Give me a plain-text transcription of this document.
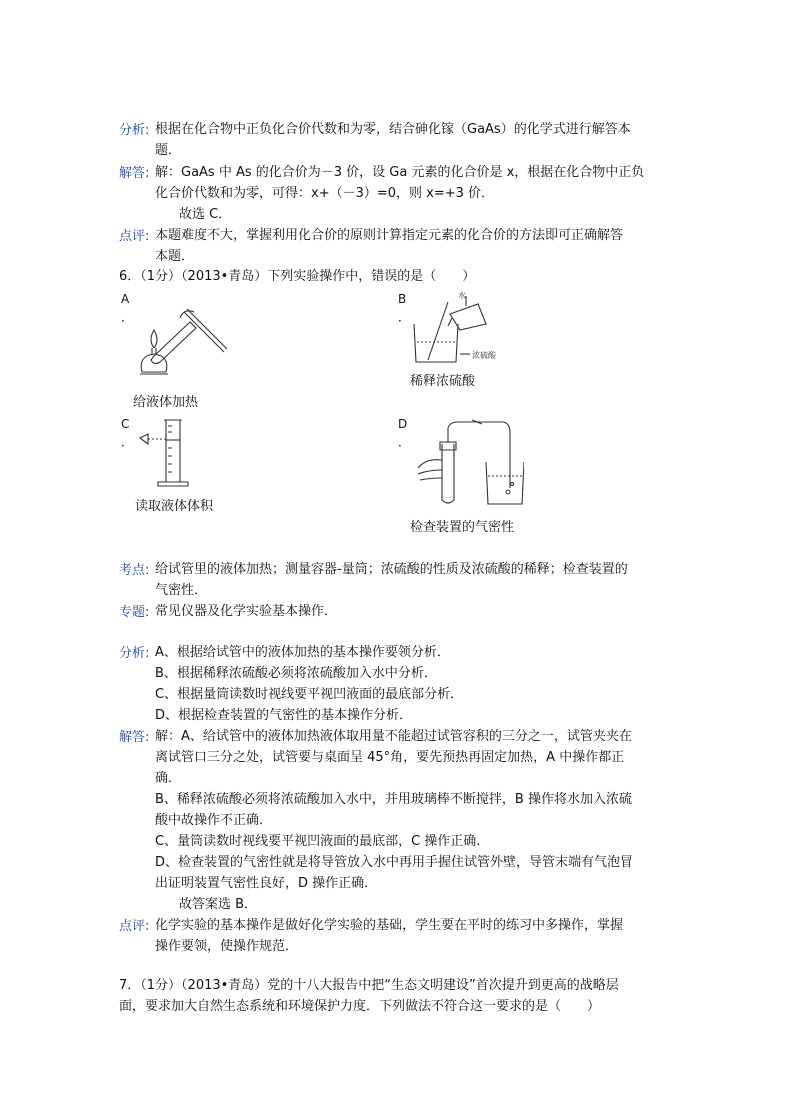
分析: 根据在化合物中正负化合价代数和为零，结合砷化镓（GaAs）的化学式进行解答本
题．
解答: 解：GaAs 中 As 的化合价为－3 价，设 Ga 元素的化合价是 x，根据在化合物中正负
化合价代数和为零，可得：x+（－3）=0，则 x=+3 价．
故选 C．
点评: 本题难度不大，掌握利用化合价的原则计算指定元素的化合价的方法即可正确解答
本题．
6．（1分）（2013•青岛）下列实验操作中，错误的是（　　）
A
．
给液体加热
B
．
水
浓硫酸
稀释浓硫酸
C
．
读取液体体积
D
．
检查装置的气密性
考点: 给试管里的液体加热；测量容器-量筒；浓硫酸的性质及浓硫酸的稀释；检查装置的
气密性．
专题: 常见仪器及化学实验基本操作．
分析: A、根据给试管中的液体加热的基本操作要领分析．
B、根据稀释浓硫酸必须将浓硫酸加入水中分析．
C、根据量筒读数时视线要平视凹液面的最底部分析．
D、根据检查装置的气密性的基本操作分析．
解答: 解：A、给试管中的液体加热液体取用量不能超过试管容积的三分之一，试管夹夹在
离试管口三分之处，试管要与桌面呈 45°角，要先预热再固定加热，A 中操作都正
确．
B、稀释浓硫酸必须将浓硫酸加入水中，并用玻璃棒不断搅拌，B 操作将水加入浓硫
酸中故操作不正确．
C、量筒读数时视线要平视凹液面的最底部，C 操作正确．
D、检查装置的气密性就是将导管放入水中再用手握住试管外壁，导管末端有气泡冒
出证明装置气密性良好，D 操作正确．
故答案选 B．
点评: 化学实验的基本操作是做好化学实验的基础，学生要在平时的练习中多操作，掌握
操作要领，使操作规范．
7．（1分）（2013•青岛）党的十八大报告中把“生态文明建设”首次提升到更高的战略层
面，要求加大自然生态系统和环境保护力度．下列做法不符合这一要求的是（　　）
